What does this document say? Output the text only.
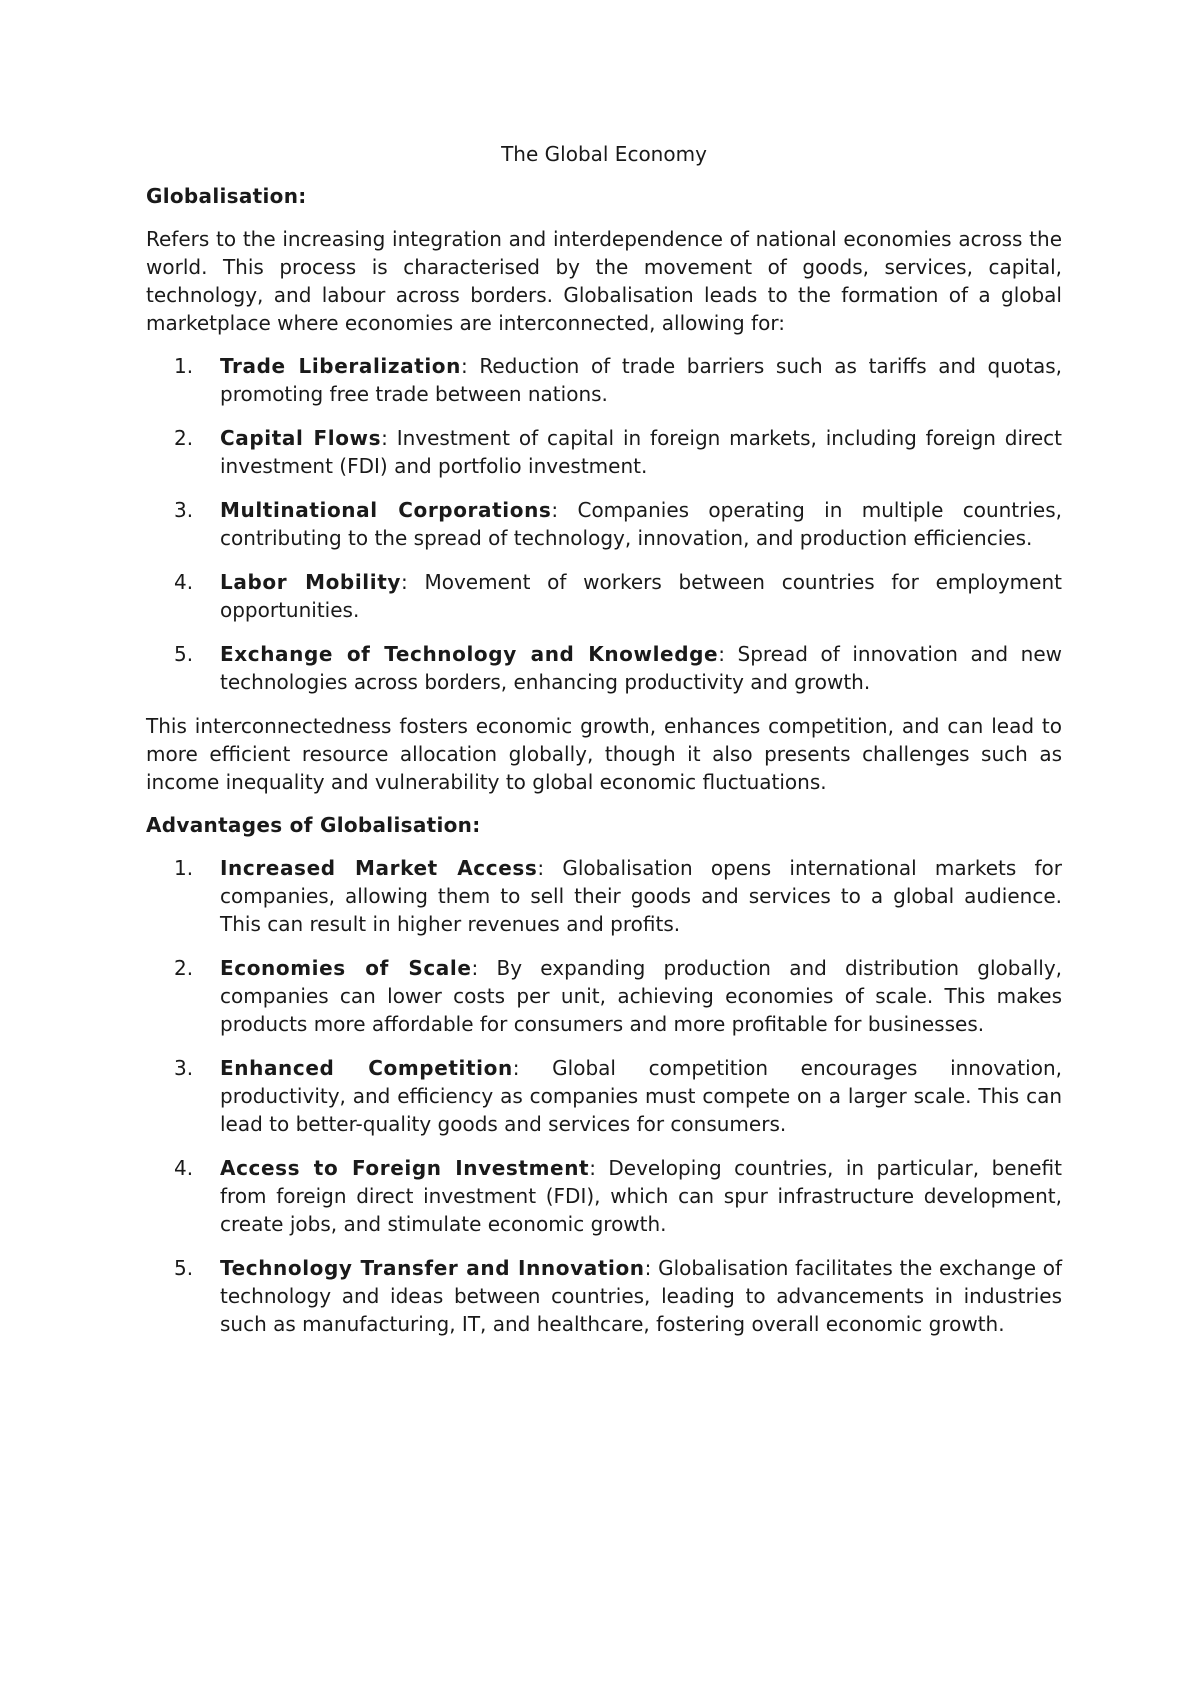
The Global Economy
Globalisation:

Refers to the increasing integration and interdependence of national economies across the world. This process is characterised by the movement of goods, services, capital, technology, and labour across borders. Globalisation leads to the formation of a global marketplace where economies are interconnected, allowing for:

1.	Trade Liberalization: Reduction of trade barriers such as tariffs and quotas, promoting free trade between nations.
2.	Capital Flows: Investment of capital in foreign markets, including foreign direct investment (FDI) and portfolio investment.
3.	Multinational Corporations: Companies operating in multiple countries, contributing to the spread of technology, innovation, and production efficiencies.
4.	Labor Mobility: Movement of workers between countries for employment opportunities.
5.	Exchange of Technology and Knowledge: Spread of innovation and new technologies across borders, enhancing productivity and growth.

This interconnectedness fosters economic growth, enhances competition, and can lead to more efficient resource allocation globally, though it also presents challenges such as income inequality and vulnerability to global economic fluctuations.

Advantages of Globalisation:
1.	Increased Market Access: Globalisation opens international markets for companies, allowing them to sell their goods and services to a global audience. This can result in higher revenues and profits.
2.	Economies of Scale: By expanding production and distribution globally, companies can lower costs per unit, achieving economies of scale. This makes products more affordable for consumers and more profitable for businesses.
3.	Enhanced Competition: Global competition encourages innovation, productivity, and efficiency as companies must compete on a larger scale. This can lead to better-quality goods and services for consumers.
4.	Access to Foreign Investment: Developing countries, in particular, benefit from foreign direct investment (FDI), which can spur infrastructure development, create jobs, and stimulate economic growth.
5.	Technology Transfer and Innovation: Globalisation facilitates the exchange of technology and ideas between countries, leading to advancements in industries such as manufacturing, IT, and healthcare, fostering overall economic growth.
